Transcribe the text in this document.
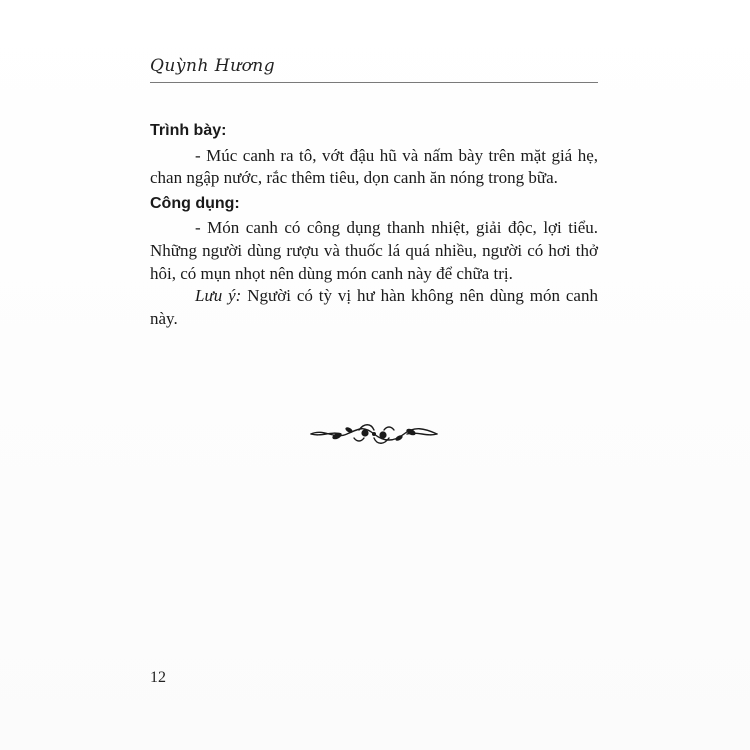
Quỳnh Hương
Trình bày:

- Múc canh ra tô, vớt đậu hũ và nấm bày trên mặt giá hẹ, chan ngập nước, rắc thêm tiêu, dọn canh ăn nóng trong bữa.

Công dụng:

- Món canh có công dụng thanh nhiệt, giải độc, lợi tiểu. Những người dùng rượu và thuốc lá quá nhiều, người có hơi thở hôi, có mụn nhọt nên dùng món canh này để chữa trị.

Lưu ý: Người có tỳ vị hư hàn không nên dùng món canh này.

12
